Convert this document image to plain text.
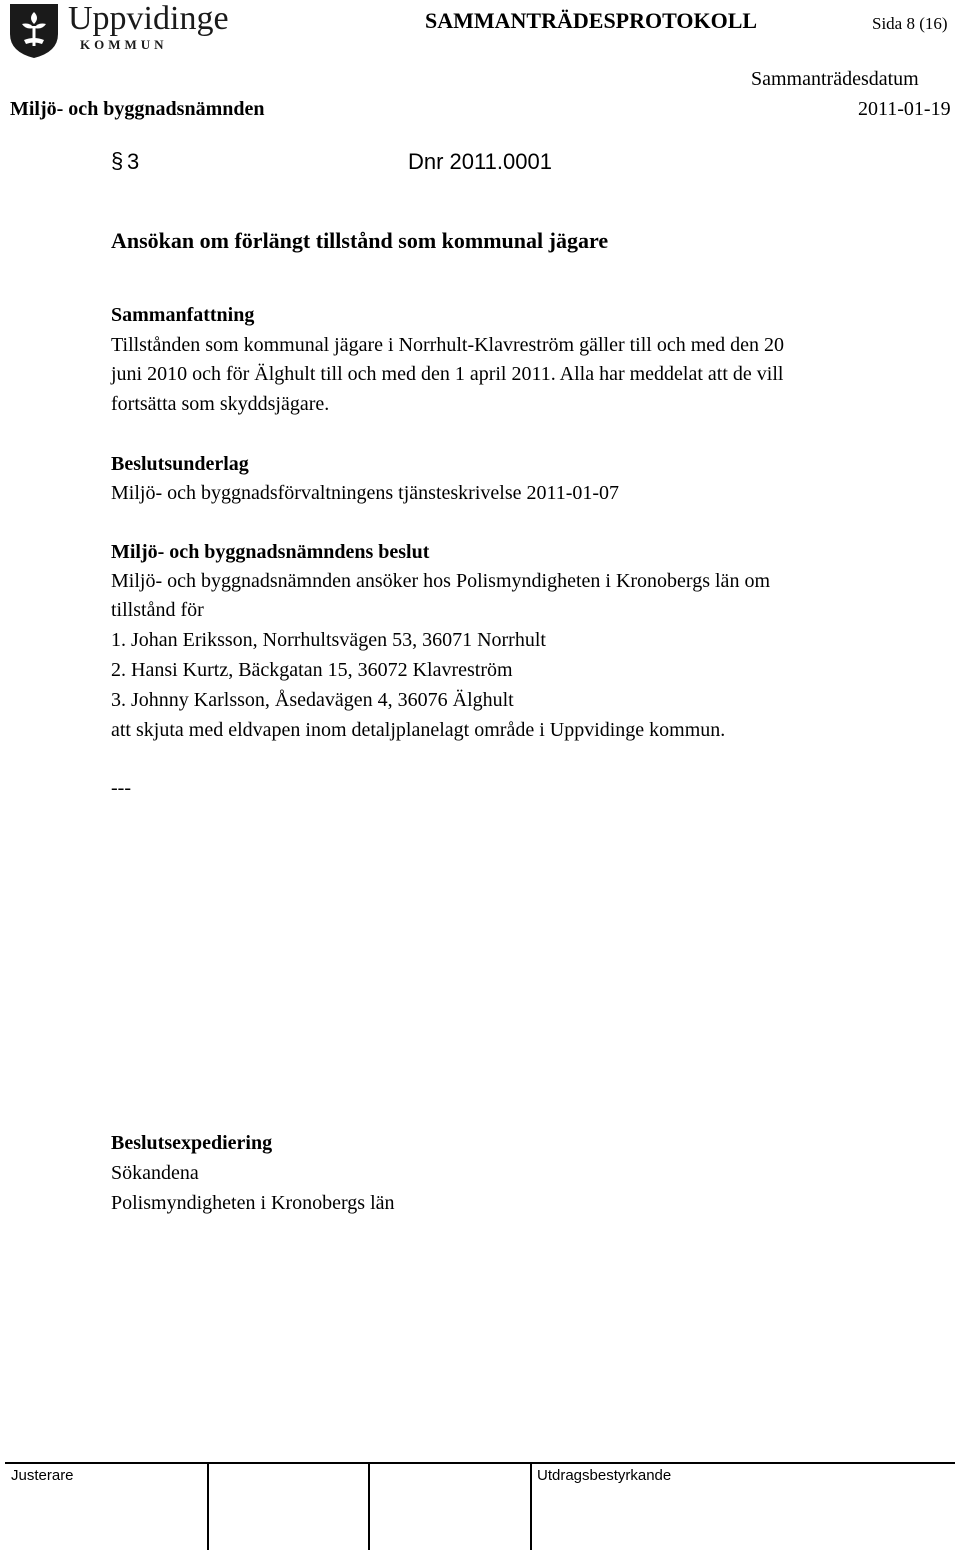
Uppvidinge
KOMMUN
SAMMANTRÄDESPROTOKOLL	Sida 8 (16)
Sammanträdesdatum
Miljö- och byggnadsnämnden	2011-01-19
§ 3	Dnr 2011.0001
Ansökan om förlängt tillstånd som kommunal jägare
Sammanfattning
Tillstånden som kommunal jägare i Norrhult-Klavreström gäller till och med den 20
juni 2010 och för Älghult till och med den 1 april 2011. Alla har meddelat att de vill
fortsätta som skyddsjägare.
Beslutsunderlag
Miljö- och byggnadsförvaltningens tjänsteskrivelse 2011-01-07
Miljö- och byggnadsnämndens beslut
Miljö- och byggnadsnämnden ansöker hos Polismyndigheten i Kronobergs län om
tillstånd för
1. Johan Eriksson, Norrhultsvägen 53, 36071 Norrhult
2. Hansi Kurtz, Bäckgatan 15, 36072 Klavreström
3. Johnny Karlsson, Åsedavägen 4, 36076 Älghult
att skjuta med eldvapen inom detaljplanelagt område i Uppvidinge kommun.
---
Beslutsexpediering
Sökandena
Polismyndigheten i Kronobergs län
Justerare	Utdragsbestyrkande
